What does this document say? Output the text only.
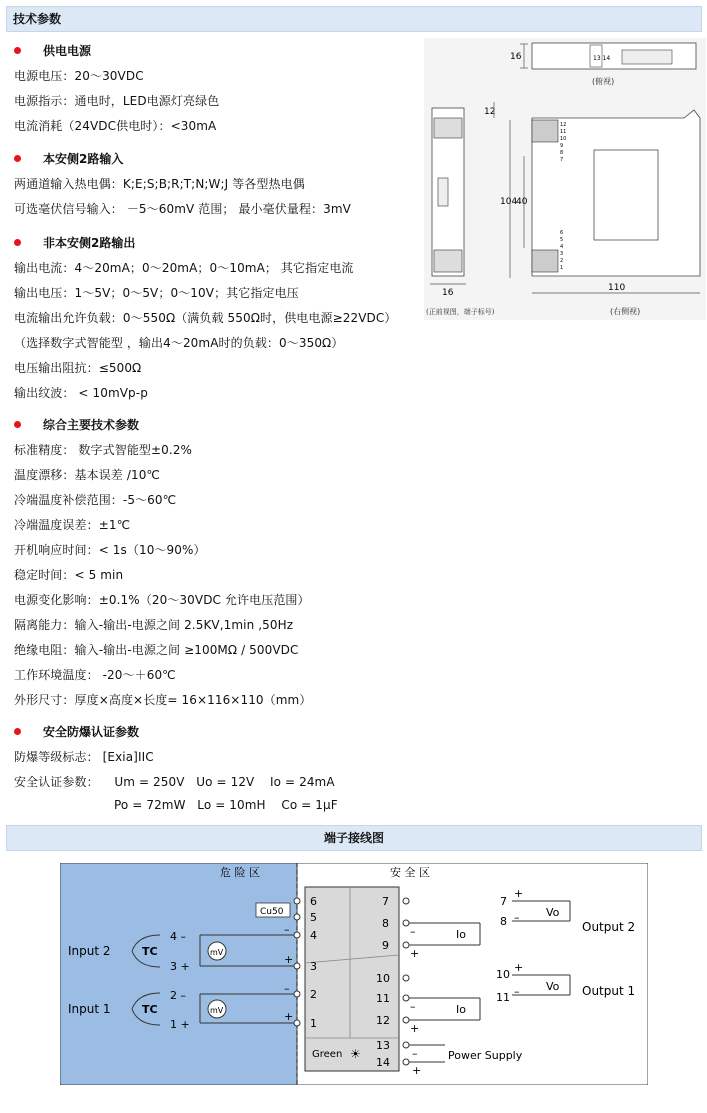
技术参数
供电电源
电源电压：20～30VDC
电源指示：通电时，LED电源灯亮绿色
电流消耗（24VDC供电时）：<30mA
本安侧2路输入
两通道输入热电偶：K;E;S;B;R;T;N;W;J 等各型热电偶
可选毫伏信号输入： －5～60mV 范围； 最小毫伏量程：3mV
非本安侧2路输出
输出电流：4～20mA；0～20mA；0～10mA； 其它指定电流
输出电压：1～5V；0～5V；0～10V；其它指定电压
电流输出允许负载：0～550Ω（满负载 550Ω时，供电电源≥22VDC）
（选择数字式智能型 ，输出4～20mA时的负载：0～350Ω）
电压输出阻抗：≤500Ω
输出纹波： < 10mVp-p
综合主要技术参数
标准精度： 数字式智能型±0.2%
温度漂移：基本误差 /10℃
冷端温度补偿范围：-5～60℃
冷端温度误差：±1℃
开机响应时间：< 1s（10～90%）
稳定时间：< 5 min
电源变化影响：±0.1%（20～30VDC 允许电压范围）
隔离能力：输入-输出-电源之间 2.5KV,1min ,50Hz
绝缘电阻：输入-输出-电源之间 ≥100MΩ / 500VDC
工作环境温度： -20～＋60℃
外形尺寸：厚度×高度×长度= 16×116×110（mm）
安全防爆认证参数
防爆等级标志： [Exia]IIC
安全认证参数：    Um = 250V   Uo = 12V    Io = 24mA
Po = 72mW   Lo = 10mH    Co = 1μF
16	13 14
(俯视)
12
16
(正前视图，端子标号)
104
40
12
11
10
9
8
7
6
5
4
3
2
1
110
(右侧视)
端子接线图
危 险 区	安 全 区
6
5
4
3
2
1
7
8
9
10
11
12
13
14
Green ☀
Cu50
mV
4 –
3 +
–
+
TC
Input 2
mV
2 –
1 +
–
+
TC
Input 1
Io
–
+
Io
–
+
–
+
Power Supply
7
8
+
– Vo
Output 2
10
11
+
– Vo Output 1
